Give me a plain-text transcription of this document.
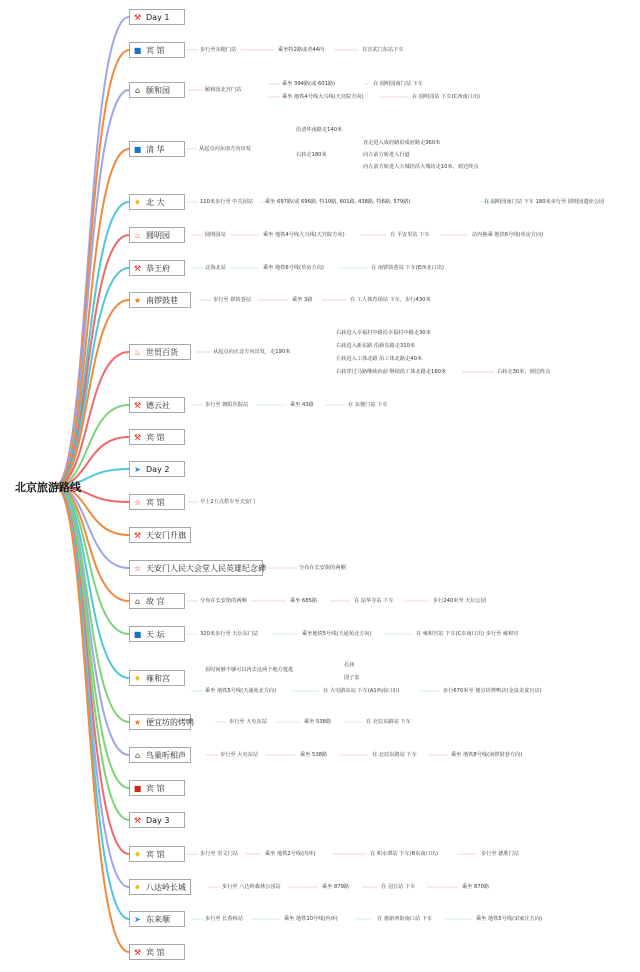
北京旅游路线
⚒ Day 1
■ 宾 馆
⌂ 颐和园
■ 清 华
♦ 北 大
♨ 圆明园
⚒ 恭王府
★ 南锣鼓巷
♨ 世贸百货
⚒ 德云社
⚒ 宾 馆
➤ Day 2
☆ 宾 馆
⚒ 天安门升旗
☆ 天安门人民大会堂人民英雄纪念碑
⌂ 故 宫
■ 天 坛
♦ 雍和宫
★ 便宜坊的烤鸭
⌂ 鸟巢听相声
■ 宾 馆
⚒ Day 3
♦ 宾 馆
♦ 八达岭长城
➤ 东来顺
⚒ 宾 馆
步行至东便门站	乘坐特2路或者44内	在宣武门东站下车
颐和园北宫门站
乘坐 394路(或 601路)	在 圆明园南门站 下车
乘坐 地铁4号线大兴线(天宫院方向)	在 圆明园站 下车(C西南口出)
从起点向东南方向出发
沿清华南路走140米
右转走180米
直走进入成府路沿成府路走360米
向左前方转进入行道
向左前方转进入大城坊沿大城坊走10米，到达终点
110米步行至 中关园站 乘坐 697路(或 696路, 特10路, 601路, 438路, 特6路, 579路)	在 圆明园南门站 下车 180米步行至 圆明园遗址公园
圆明园站	乘坐 地铁4号线大兴线(天宫院方向)	在 平安里站 下车	站内换乘 地铁6号线(草房方向)
北海北站	乘坐 地铁6号线(草房方向)	在 南锣鼓巷站 下车(E西北口出)
步行至 锣鼓巷站	乘坐 3路	在 工人体育场站 下车，步行430米
从起点向正北方向出发，走190米
右转进入幸福村中路沿幸福村中路走30米
右转进入新东路 沿新东路走310米
左转进入工体北路 沿工体北路走40米
右转穿过马路继续向前 继续沿工体北路走160米	右转走30米，到达终点
步行至 朝阳医院站	乘坐 43路	在 东便门站 下车
早上2五点搭车至天安门
分布在长安街的两侧
分布在长安街的两侧	乘坐 685路	在 法华寺站 下车	步行240米至 天坛公园
320米步行至 天坛东门站	乘坐地铁5号线(天通苑北方向)	在 雍和宫站 下车(C东南口出) 步行至 雍和宫
看时间够不够可以再去这两个地方逛逛
孔庙
国子监
乘坐 地铁5号线(天通苑北方向)	在 大屯路东站 下车(A1西南口出)	步行670米至 便宜坊烤鸭店(金泉美食宫店)
步行至 大屯东站	乘坐 538路	在 北辰东路站 下车
步行至 大屯东站	乘坐 538路	在 北辰东路站 下车	乘坐 地铁8号线(南锣鼓巷方向)
步行至 崇文门站	乘坐 地铁2号线(内环)	在 积水潭站 下车(B东南口出)	步行至 德胜门站
步行至 八达岭森林公园站	乘坐 879路	在 羽丘站 下车	乘坐 870路
步行至 长春桥站	乘坐 地铁10号线(内环)	在 惠新西街南口站 下车	乘坐 地铁5号线(宋家庄方向)
